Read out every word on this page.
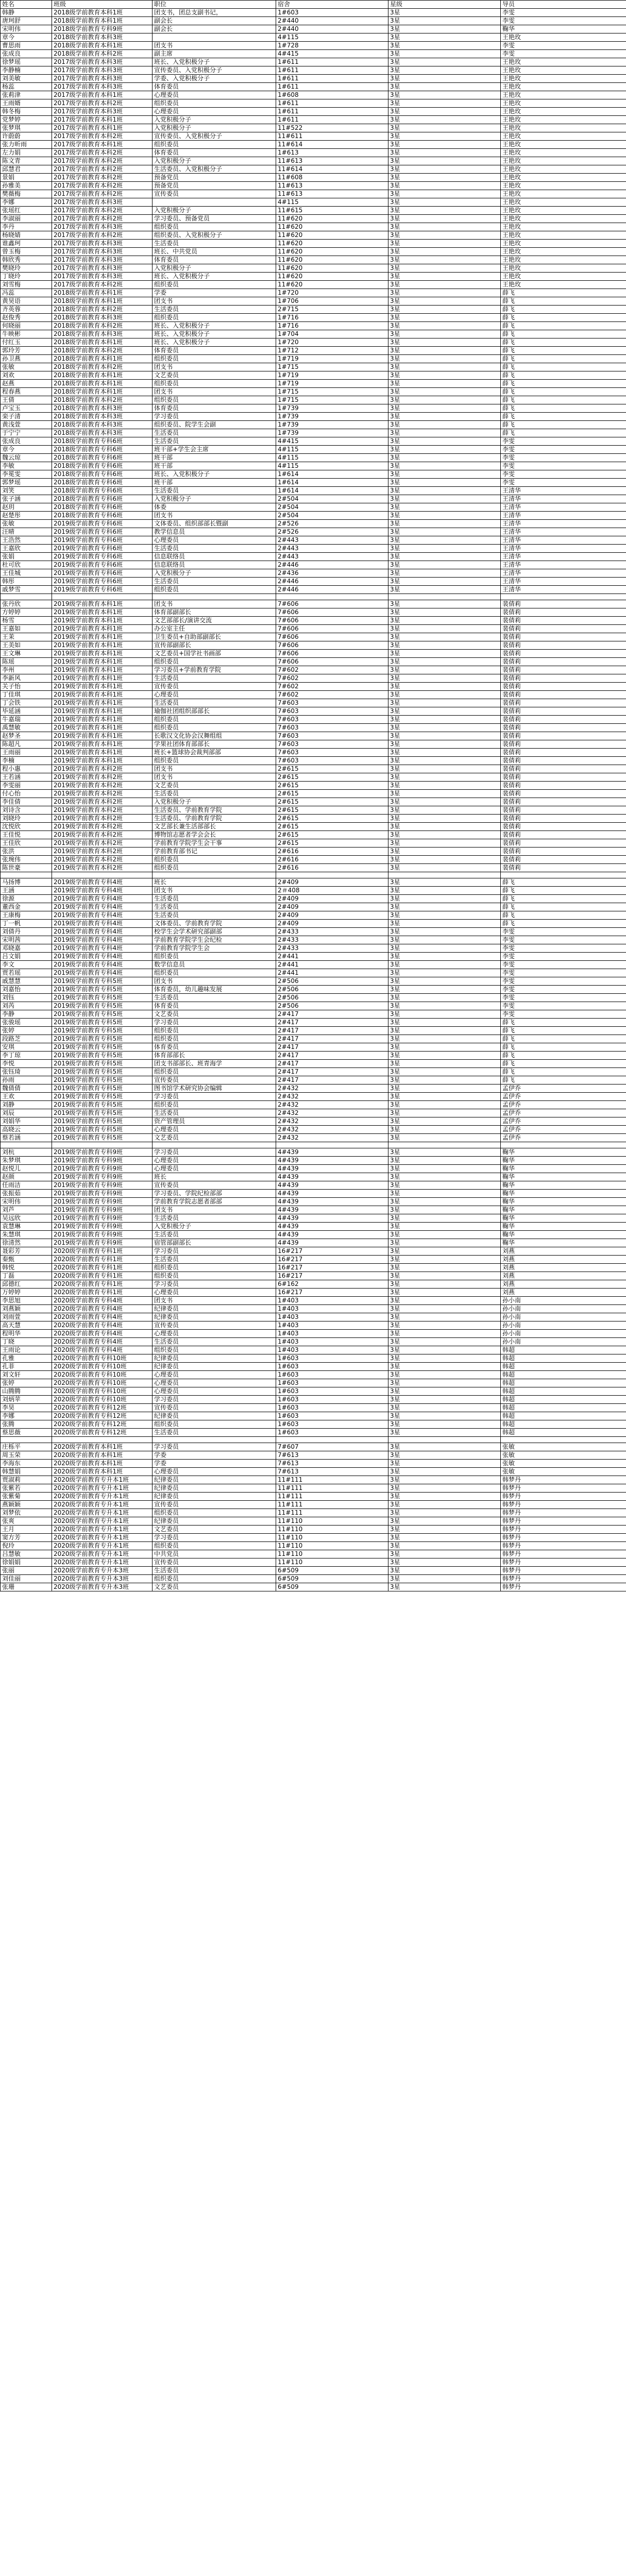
姓名	班级	职位	宿舍	星级	导员
韩静	2018级学前教育本科1班	团支书，团总支副书记，	1#603	3星	李雯
唐珂舒	2018级学前教育本科1班	副会长	2#440	3星	李雯
宋明伟	2018级学前教育专科9班	副会长	2#440	3星	鞠华
章今	2018级学前教育本科3班		4#115	3星	王艳玫
曹思雨	2018级学前教育本科1班	团支书	1#728	3星	李雯
张成良	2018级学前教育本科2班	副主席	4#415	3星	李雯
徐梦瑶	2017级学前教育本科3班	班长、入党积极分子	1#611	3星	王艳玫
李静楠	2017级学前教育本科3班	宣传委员、入党积极分子	1#611	3星	王艳玫
刘美敏	2017级学前教育本科3班	学委、入党积极分子	1#611	3星	王艳玫
杨蕊	2017级学前教育本科3班	体育委员	1#611	3星	王艳玫
张莉津	2017级学前教育本科1班	心理委员	1#608	3星	王艳玫
王雨婿	2017级学前教育本科2班	组织委员	1#611	3星	王艳玫
韩冬梅	2017级学前教育本科3班	心理委员	1#611	3星	王艳玫
党梦婷	2017级学前教育本科1班	入党积极分子	1#611	3星	王艳玫
张梦琪	2017级学前教育本科1班	入党积极分子	11#522	3星	王艳玫
许蔚蔚	2017级学前教育本科2班	宣传委员、入党积极分子	11#611	3星	王艳玫
张力昕雨	2017级学前教育本科1班	组织委员	11#614	3星	王艳玫
左力娟	2017级学前教育本科2班	体育委员	1#613	3星	王艳玫
陈文青	2017级学前教育本科2班	入党积极分子	11#613	3星	王艳玫
邱慧君	2017级学前教育本科2班	生活委员、入党积极分子	11#614	3星	王艳玫
景娟	2017级学前教育本科2班	预备党员	11#608	3星	王艳玫
孙雅美	2017级学前教育本科2班	预备党员	11#613	3星	王艳玫
樊薇梅	2017级学前教育本科2班	宣传委员	11#613	3星	王艳玫
李娜	2017级学前教育本科3班		4#115	3星	王艳玫
张瑶红	2017级学前教育本科2班	入党积极分子	11#615	3星	王艳玫
李淑丽	2017级学前教育本科2班	学习委员、预备党员	11#620	3星	王艳玫
李丹	2017级学前教育本科3班	组织委员	11#620	3星	王艳玫
杨晓婧	2017级学前教育本科2班	组织委员、入党积极分子	11#620	3星	王艳玫
谁鑫珂	2017级学前教育本科3班	生活委员	11#620	3星	王艳玫
曾玉梅	2017级学前教育本科3班	班长、中共党员	11#620	3星	王艳玫
韩欣秀	2017级学前教育本科3班	体育委员	11#620	3星	王艳玫
樊晓玲	2017级学前教育本科3班	入党积极分子	11#620	3星	王艳玫
丁晓玲	2017级学前教育本科3班	班长、入党积极分子	11#620	3星	王艳玫
刘雪梅	2017级学前教育本科2班	组织委员	11#620	3星	王艳玫
冯蕊	2018级学前教育本科1班	学委	1#720	3星	薛飞
黄昊语	2018级学前教育本科1班	团支书	1#706	3星	薛飞
齐英蓉	2018级学前教育本科2班	生活委员	2#715	3星	薛飞
赵俊秀	2018级学前教育本科3班	组织委员	1#716	3星	薛飞
何晓丽	2018级学前教育本科2班	班长、入党积极分子	1#716	3星	薛飞
牛映彬	2018级学前教育本科3班	班长、入党积极分子	1#704	3星	薛飞
付红玉	2018级学前教育本科1班	班长、入党积极分子	1#720	3星	薛飞
郭玲芳	2018级学前教育本科2班	体育委员	1#712	3星	薛飞
孙卫燕	2018级学前教育本科1班	组织委员	1#719	3星	薛飞
张敏	2018级学前教育本科2班	团支书	1#715	3星	薛飞
刘欢	2018级学前教育本科1班	文艺委员	1#719	3星	薛飞
赵燕	2018级学前教育本科1班	组织委员	1#719	3星	薛飞
程春燕	2018级学前教育本科1班	团支书	1#715	3星	薛飞
王倩	2018级学前教育本科2班	组织委员	1#715	3星	薛飞
卢宝玉	2018级学前教育本科3班	体育委员	1#739	3星	薛飞
栾子清	2018级学前教育本科3班	学习委员	1#739	3星	薛飞
黄浅萱	2018级学前教育本科3班	组织委员、院学生会副	1#739	3星	薛飞
于宁宁	2018级学前教育本科3班	生活委员	1#739	3星	薛飞
张成良	2018级学前教育专科6班	生活委员	4#415	3星	李雯
章今	2018级学前教育专科6班	班干部+学生会主席	4#115	3星	李雯
魏云琼	2018级学前教育专科6班	班干部	4#115	3星	李雯
李敏	2018级学前教育专科6班	班干部	4#115	3星	李雯
李冕雯	2018级学前教育专科6班	班长、入党积极分子	1#614	3星	李雯
郭梦瑶	2018级学前教育专科6班	班干部	1#614	3星	李雯
刘笑	2018级学前教育专科6班	生活委员	1#614	3星	王清华
张子涵	2018级学前教育专科6班	入党积极分子	2#504	3星	王清华
赵玥	2018级学前教育专科6班	体委	2#504	3星	王清华
赵楚彤	2018级学前教育专科6班	团支书	2#504	3星	王清华
张敏	2019级学前教育专科6班	文体委员、组织部部长暨副	2#526	3星	王清华
汪晴	2019级学前教育专科6班	教学信息员	2#526	3星	王清华
王浩然	2019级学前教育专科6班	心理委员	2#443	3星	王清华
王嘉欣	2019级学前教育专科6班	生活委员	2#443	3星	王清华
张娟	2019级学前教育专科6班	信息联络员	2#443	3星	王清华
杜可欣	2019级学前教育专科6班	信息联络员	2#446	3星	王清华
王佳城	2019级学前教育专科6班	入党积极分子	2#436	3星	王清华
韩彤	2019级学前教育专科6班	生活委员	2#446	3星	王清华
戚梦雪	2019级学前教育专科6班	组织委员	2#446	3星	王清华

张丹欣	2019级学前教育本科1班	团支书	7#606	3星	裴倩莉
方婷婷	2019级学前教育本科1班	体育部副部长	7#606	3星	裴倩莉
杨雪	2019级学前教育本科1班	文艺部部长/演讲交流	7#606	3星	裴倩莉
王嘉如	2019级学前教育本科1班	办公室主任	7#606	3星	裴倩莉
王茉	2019级学前教育本科1班	卫生委员+自助部副部长	7#606	3星	裴倩莉
王美如	2019级学前教育本科1班	宣传部副部长	7#606	3星	裴倩莉
王文琳	2019级学前教育本科1班	文艺委员+国学社书画部	7#606	3星	裴倩莉
陈瑶	2019级学前教育本科1班	组织委员	7#606	3星	裴倩莉
李州	2019级学前教育本科1班	学习委员+学前教育学院	7#602	3星	裴倩莉
李新风	2019级学前教育本科1班	生活委员	7#602	3星	裴倩莉
关子怡	2019级学前教育本科1班	宣传委员	7#602	3星	裴倩莉
丁佳琪	2019级学前教育本科1班	心理委员	7#602	3星	裴倩莉
丁会铁	2019级学前教育本科1班	生活委员	7#603	3星	裴倩莉
毕延涵	2019级学前教育本科1班	瑜伽社团组织部部长	7#603	3星	裴倩莉
牛嘉瑞	2019级学前教育本科1班	组织委员	7#603	3星	裴倩莉
禹慧敏	2019级学前教育本科1班	组织委员	7#603	3星	裴倩莉
赵梦圣	2019级学前教育本科1班	长歌汉文化协会汉舞组组	7#603	3星	裴倩莉
陈超凡	2019级学前教育本科1班	学果社团体育部部长	7#603	3星	裴倩莉
王雨丽	2019级学前教育本科1班	班长+篮球协会裁判部部	7#603	3星	裴倩莉
李楠	2019级学前教育本科1班	组织委员	7#603	3星	裴倩莉
程小惠	2019级学前教育本科2班	团支书	2#615	3星	裴倩莉
王若涵	2019级学前教育本科2班	团支书	2#615	3星	裴倩莉
李雯丽	2019级学前教育本科2班	文艺委员	2#615	3星	裴倩莉
付心怡	2019级学前教育本科2班	生活委员	2#615	3星	裴倩莉
李佳倩	2019级学前教育本科2班	入党积极分子	2#615	3星	裴倩莉
刘诗含	2019级学前教育本科2班	生活委员、学前教育学院	2#615	3星	裴倩莉
刘晓玲	2019级学前教育本科2班	生活委员、学前教育学院	2#615	3星	裴倩莉
沈悦欣	2019级学前教育本科2班	文艺部长兼生活部部长	2#615	3星	裴倩莉
王佳悦	2019级学前教育本科2班	博物馆志愿者学会会长	2#615	3星	裴倩莉
王佳欣	2019级学前教育本科2班	学前教育学院学生会干事	2#615	3星	裴倩莉
张洪	2019级学前教育本科2班	学前教育部书记	2#616	3星	裴倩莉
张琬伟	2019级学前教育本科2班	组织委员	2#616	3星	裴倩莉
陈世豪	2019级学前教育本科2班	组织委员	2#616	3星	裴倩莉

马扬博	2019级学前教育专科4班	班长	2#409	3星	薛飞
王涵	2019级学前教育专科4班	团支书	2＃408	3星	薛飞
徐源	2019级学前教育专科4班	生活委员	2#409	3星	薛飞
董西金	2019级学前教育专科4班	生活委员	2#409	3星	薛飞
王康梅	2019级学前教育专科4班	生活委员	2#409	3星	薛飞
丁一帆	2019级学前教育专科4班	文体委员、学前教育学院	2#409	3星	薛飞
刘倩丹	2019级学前教育专科4班	校学生会学术研究部副部	2#433	3星	李雯
宋明茜	2019级学前教育专科4班	学前教育学院学生会纪检	2#433	3星	李雯
邓晓嘉	2019级学前教育专科4班	学前教育学院学生会	2#433	3星	李雯
吕文娟	2019级学前教育专科4班	组织委员	2#441	3星	李雯
李文	2019级学前教育专科4班	数学信息员	2#441	3星	李雯
贾若瑶	2019级学前教育专科4班	组织委员	2#441	3星	李雯
戚慧慧	2019级学前教育专科5班	团支书	2#506	3星	李雯
刘嘉怡	2019级学前教育专科5班	体育委员，幼儿趣味发展	2#506	3星	李雯
刘钰	2019级学前教育专科5班	生活委员	2#506	3星	李雯
刘芮	2019级学前教育专科5班	体育委员	2#506	3星	李雯
李静	2019级学前教育专科5班	文艺委员	2#417	3星	李雯
张骏瑶	2019级学前教育专科5班	学习委员	2#417	3星	薛飞
张婷	2019级学前教育专科5班	组织委员	2#417	3星	薛飞
段路芝	2019级学前教育专科5班	组织委员	2#417	3星	薛飞
安琪	2019级学前教育专科5班	体育委员	2#417	3星	薛飞
李丁琼	2019级学前教育专科5班	体育部部长	2#417	3星	薛飞
李悦	2019级学前教育专科5班	团支书部部长、班青海学	2#417	3星	薛飞
张钰琦	2019级学前教育专科5班	组织委员	2#417	3星	薛飞
孙雨	2019级学前教育专科5班	宣传委员	2#417	3星	薛飞
魏倩倩	2019级学前教育专科5班	图书馆学术研究协会编辑	2#432	3星	孟伊乔
王欢	2019级学前教育专科5班	学习委员	2#432	3星	孟伊乔
刘静	2019级学前教育专科5班	组织委员	2#432	3星	孟伊乔
刘辰	2019级学前教育专科5班	生活委员	2#432	3星	孟伊乔
刘娟华	2019级学前教育专科5班	资产管理员	2#432	3星	孟伊乔
高晓云	2019级学前教育专科5班	心理委员	2#432	3星	孟伊乔
蔡若涵	2019级学前教育专科5班	文艺委员	2#432	3星	孟伊乔

刘杭	2019级学前教育专科9班	学习委员	4#439	3星	鞠华
朱梦琪	2019级学前教育专科9班	心理委员	4#439	3星	鞠华
赵悦儿	2019级学前教育专科9班	心理委员	4#439	3星	鞠华
赵颜	2019级学前教育专科9班	班长	4#439	3星	鞠华
任雨洁	2019级学前教育专科9班	宣传委员	4#439	3星	鞠华
张振茹	2019级学前教育专科9班	学习委员、学院纪检部部	4#439	3星	鞠华
宋明伟	2019级学前教育专科9班	学前教育学院志愿者部部	4#439	3星	鞠华
刘芦	2019级学前教育专科9班	团支书	4#439	3星	鞠华
吴远欣	2019级学前教育专科9班	生活委员	4#439	3星	鞠华
袁慧琳	2019级学前教育专科9班	入党积极分子	4#439	3星	鞠华
朱慧琪	2019级学前教育专科9班	生活委员	4#439	3星	鞠华
徐清然	2019级学前教育专科9班	宿管部副部长	4#439	3星	鞠华
聂彩芳	2020级学前教育专科1班	学习委员	16#217	3星	刘燕
秦甄	2020级学前教育专科1班	生活委员	16#217	3星	刘燕
韩悦	2020级学前教育专科1班	组织委员	16#217	3星	刘燕
丁磊	2020级学前教育专科1班	组织委员	16#217	3星	刘燕
邱德红	2020级学前教育专科1班	学习委员	6#162	3星	刘燕
万婷婷	2020级学前教育专科1班	心理委员	16#217	3星	刘燕
李思旭	2020级学前教育专科4班	团支书	1#403	3星	孙小南
刘燕颖	2020级学前教育专科4班	纪律委员	1#403	3星	孙小南
刘雨萱	2020级学前教育专科4班	纪律委员	1#403	3星	孙小南
高天慧	2020级学前教育专科4班	宣传委员	1#403	3星	孙小南
程明华	2020级学前教育专科4班	心理委员	1#403	3星	孙小南
丁晓	2020级学前教育专科4班	生活委员	1#403	3星	孙小南
王雨论	2020级学前教育专科4班	组织委员	1#403	3星	韩超
孔雅	2020级学前教育专科10班	纪律委员	1#603	3星	韩超
孔菲	2020级学前教育专科10班	纪律委员	1#603	3星	韩超
刘文轩	2020级学前教育专科10班	心理委员	1#603	3星	韩超
张婷	2020级学前教育专科10班	心理委员	1#603	3星	韩超
山腾腾	2020级学前教育专科10班	心理委员	1#603	3星	韩超
刘炳苹	2020级学前教育专科10班	学习委员	1#603	3星	韩超
李昊	2020级学前教育专科12班	宣传委员	1#603	3星	韩超
李娜	2020级学前教育专科12班	纪律委员	1#603	3星	韩超
张腾	2020级学前教育专科12班	组织委员	1#603	3星	韩超
蔡思薇	2020级学前教育专科12班	生活委员	1#603	3星	韩超

庄栎平	2020级学前教育本科1班	学习委员	7#607	3星	张敏
周玉荣	2020级学前教育本科1班	学委	7#613	3星	张敏
李海东	2020级学前教育本科1班	学委	7#613	3星	张敏
韩慧娟	2020级学前教育本科1班	心理委员	7#613	3星	张敏
贾淑莉	2020级学前教育专升本1班	纪律委员	11#111	3星	韩梦丹
张紫若	2020级学前教育专升本1班	纪律委员	11#111	3星	韩梦丹
张紫菊	2020级学前教育专升本1班	纪律委员	11#111	3星	韩梦丹
燕颖颖	2020级学前教育专升本1班	宣传委员	11#111	3星	韩梦丹
刘梦依	2020级学前教育专升本1班	组织委员	11#111	3星	韩梦丹
张爽	2020级学前教育专升本1班	纪律委员	11#110	3星	韩梦丹
王月	2020级学前教育专升本1班	文艺委员	11#110	3星	韩梦丹
窦方芳	2020级学前教育专升本1班	学习委员	11#110	3星	韩梦丹
倪玲	2020级学前教育专升本1班	组织委员	11#110	3星	韩梦丹
吕慧敏	2020级学前教育专升本1班	中共党员	11#110	3星	韩梦丹
徐娟娟	2020级学前教育专升本1班	宣传委员	11#110	3星	韩梦丹
张丽	2020级学前教育专升本3班	生活委员	6#509	3星	韩梦丹
刘佳丽	2020级学前教育专升本3班	组织委员	6#509	3星	韩梦丹
张珊	2020级学前教育专升本3班	文艺委员	6#509	3星	韩梦丹
